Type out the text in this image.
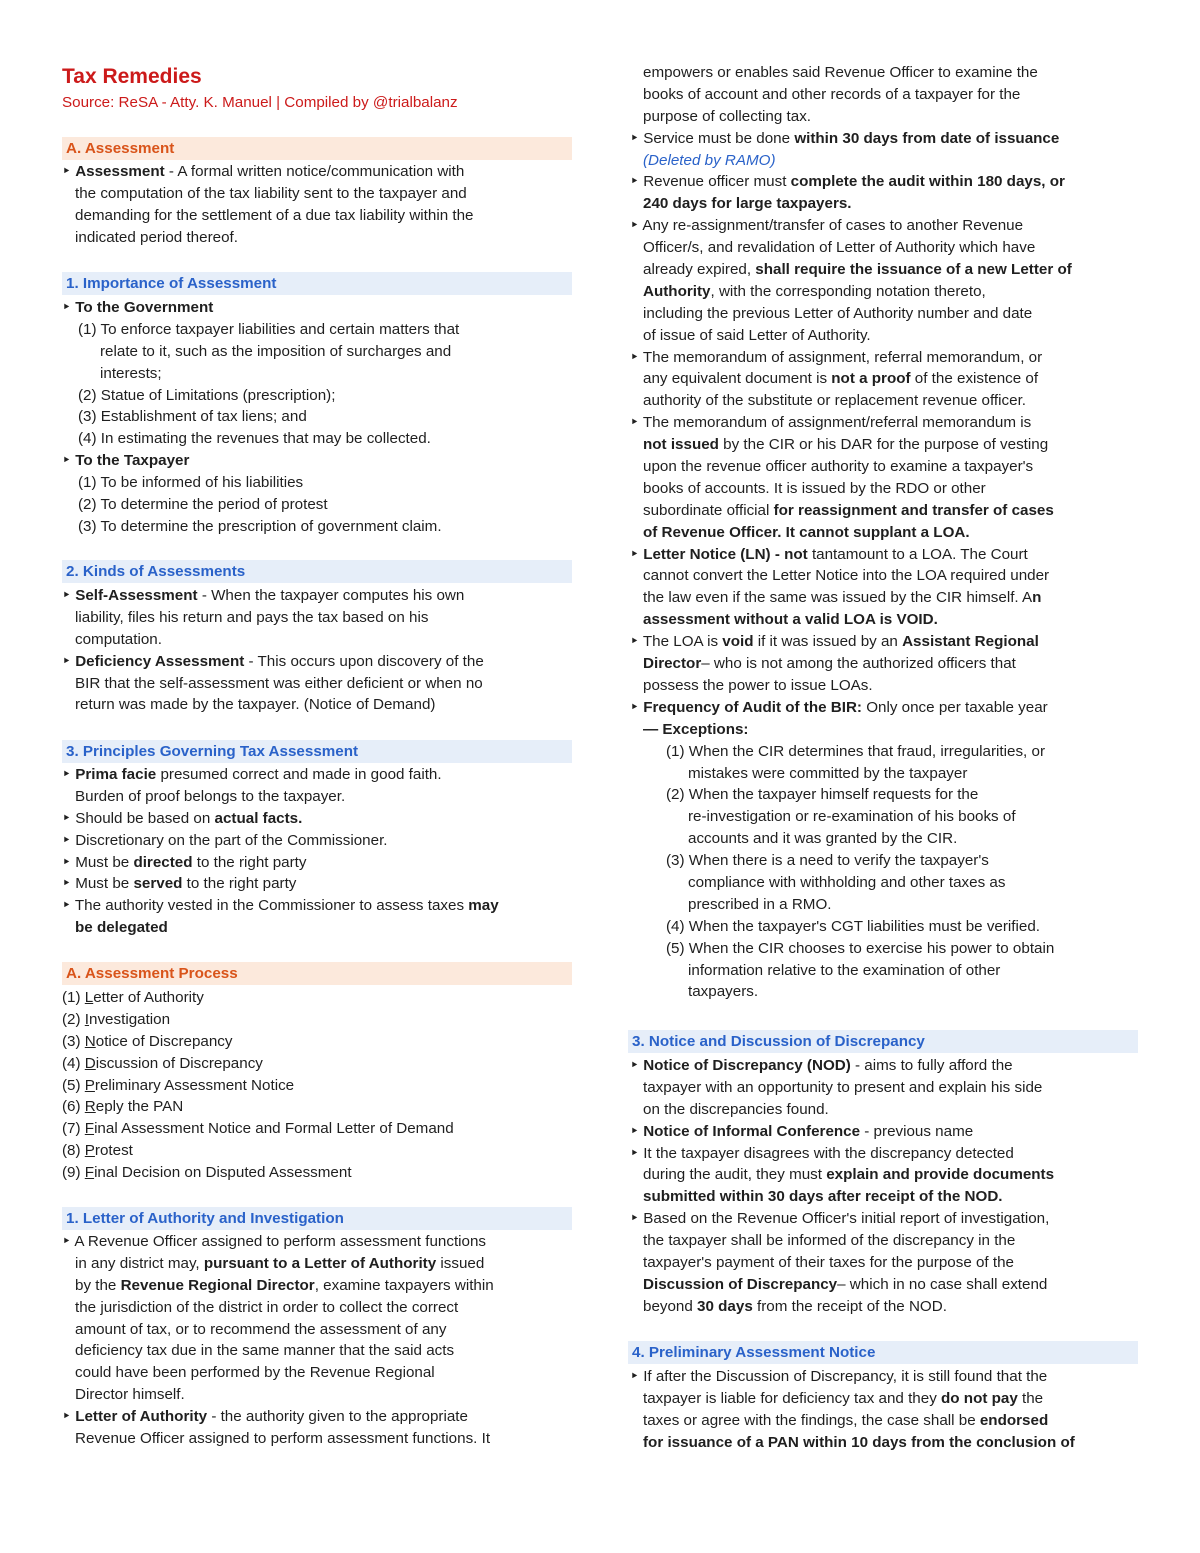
Tax Remedies
Source: ReSA - Atty. K. Manuel | Compiled by @trialbalanz
A. Assessment
‣ Assessment - A formal written notice/communication with
the computation of the tax liability sent to the taxpayer and
demanding for the settlement of a due tax liability within the
indicated period thereof.
1. Importance of Assessment
‣ To the Government
(1) To enforce taxpayer liabilities and certain matters that
relate to it, such as the imposition of surcharges and
interests;
(2) Statue of Limitations (prescription);
(3) Establishment of tax liens; and
(4) In estimating the revenues that may be collected.
‣ To the Taxpayer
(1) To be informed of his liabilities
(2) To determine the period of protest
(3) To determine the prescription of government claim.
2. Kinds of Assessments
‣ Self-Assessment - When the taxpayer computes his own
liability, files his return and pays the tax based on his
computation.
‣ Deficiency Assessment - This occurs upon discovery of the
BIR that the self-assessment was either deficient or when no
return was made by the taxpayer. (Notice of Demand)
3. Principles Governing Tax Assessment
‣ Prima facie presumed correct and made in good faith.
Burden of proof belongs to the taxpayer.
‣ Should be based on actual facts.
‣ Discretionary on the part of the Commissioner.
‣ Must be directed to the right party
‣ Must be served to the right party
‣ The authority vested in the Commissioner to assess taxes may
be delegated
A. Assessment Process
(1) Letter of Authority
(2) Investigation
(3) Notice of Discrepancy
(4) Discussion of Discrepancy
(5) Preliminary Assessment Notice
(6) Reply the PAN
(7) Final Assessment Notice and Formal Letter of Demand
(8) Protest
(9) Final Decision on Disputed Assessment
1. Letter of Authority and Investigation
‣ A Revenue Officer assigned to perform assessment functions
in any district may, pursuant to a Letter of Authority issued
by the Revenue Regional Director, examine taxpayers within
the jurisdiction of the district in order to collect the correct
amount of tax, or to recommend the assessment of any
deficiency tax due in the same manner that the said acts
could have been performed by the Revenue Regional
Director himself.
‣ Letter of Authority - the authority given to the appropriate
Revenue Officer assigned to perform assessment functions. It
empowers or enables said Revenue Officer to examine the
books of account and other records of a taxpayer for the
purpose of collecting tax.
‣ Service must be done within 30 days from date of issuance
(Deleted by RAMO)
‣ Revenue officer must complete the audit within 180 days, or
240 days for large taxpayers.
‣ Any re-assignment/transfer of cases to another Revenue
Officer/s, and revalidation of Letter of Authority which have
already expired, shall require the issuance of a new Letter of
Authority, with the corresponding notation thereto,
including the previous Letter of Authority number and date
of issue of said Letter of Authority.
‣ The memorandum of assignment, referral memorandum, or
any equivalent document is not a proof of the existence of
authority of the substitute or replacement revenue officer.
‣ The memorandum of assignment/referral memorandum is
not issued by the CIR or his DAR for the purpose of vesting
upon the revenue officer authority to examine a taxpayer's
books of accounts. It is issued by the RDO or other
subordinate official for reassignment and transfer of cases
of Revenue Officer. It cannot supplant a LOA.
‣ Letter Notice (LN) - not tantamount to a LOA. The Court
cannot convert the Letter Notice into the LOA required under
the law even if the same was issued by the CIR himself. An
assessment without a valid LOA is VOID.
‣ The LOA is void if it was issued by an Assistant Regional
Director– who is not among the authorized officers that
possess the power to issue LOAs.
‣ Frequency of Audit of the BIR: Only once per taxable year
— Exceptions:
(1) When the CIR determines that fraud, irregularities, or
mistakes were committed by the taxpayer
(2) When the taxpayer himself requests for the
re-investigation or re-examination of his books of
accounts and it was granted by the CIR.
(3) When there is a need to verify the taxpayer's
compliance with withholding and other taxes as
prescribed in a RMO.
(4) When the taxpayer's CGT liabilities must be verified.
(5) When the CIR chooses to exercise his power to obtain
information relative to the examination of other
taxpayers.
3. Notice and Discussion of Discrepancy
‣ Notice of Discrepancy (NOD) - aims to fully afford the
taxpayer with an opportunity to present and explain his side
on the discrepancies found.
‣ Notice of Informal Conference - previous name
‣ It the taxpayer disagrees with the discrepancy detected
during the audit, they must explain and provide documents
submitted within 30 days after receipt of the NOD.
‣ Based on the Revenue Officer's initial report of investigation,
the taxpayer shall be informed of the discrepancy in the
taxpayer's payment of their taxes for the purpose of the
Discussion of Discrepancy– which in no case shall extend
beyond 30 days from the receipt of the NOD.
4. Preliminary Assessment Notice
‣ If after the Discussion of Discrepancy, it is still found that the
taxpayer is liable for deficiency tax and they do not pay the
taxes or agree with the findings, the case shall be endorsed
for issuance of a PAN within 10 days from the conclusion of
